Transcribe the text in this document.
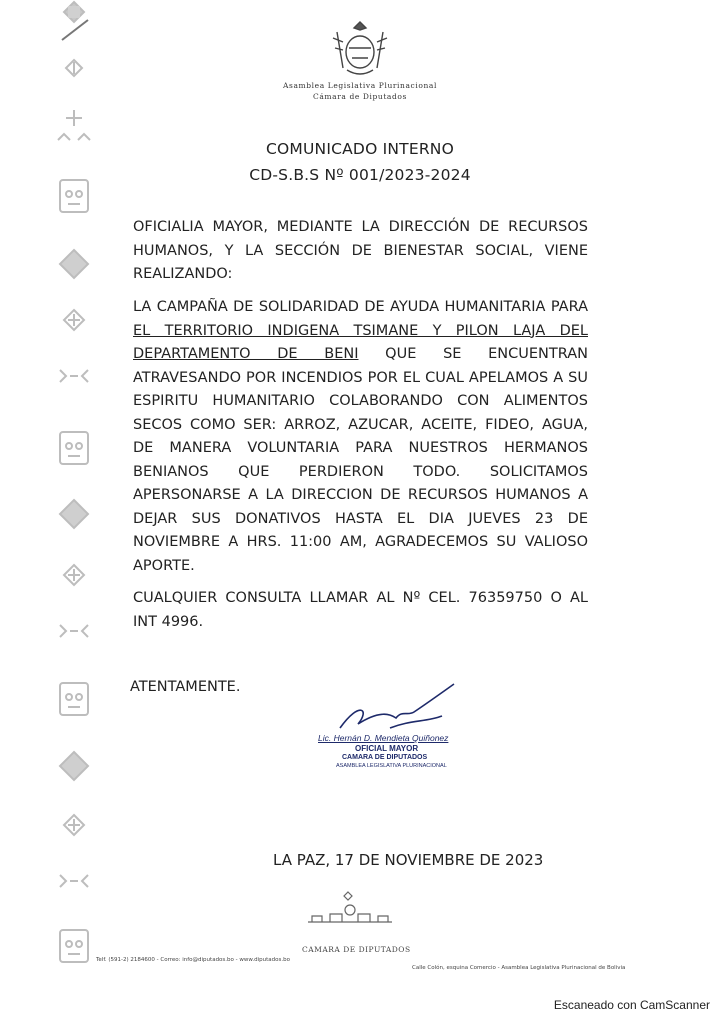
Asamblea Legislativa Plurinacional
Cámara de Diputados
COMUNICADO INTERNO
CD-S.B.S Nº 001/2023-2024
OFICIALIA MAYOR, MEDIANTE LA DIRECCIÓN DE RECURSOS HUMANOS, Y LA SECCIÓN DE BIENESTAR SOCIAL, VIENE REALIZANDO:
LA CAMPAÑA DE SOLIDARIDAD DE AYUDA HUMANITARIA PARA EL TERRITORIO INDIGENA TSIMANE Y PILON LAJA DEL DEPARTAMENTO DE BENI QUE SE ENCUENTRAN ATRAVESANDO POR INCENDIOS POR EL CUAL APELAMOS A SU ESPIRITU HUMANITARIO COLABORANDO CON ALIMENTOS SECOS COMO SER: ARROZ, AZUCAR, ACEITE, FIDEO, AGUA, DE MANERA VOLUNTARIA PARA NUESTROS HERMANOS BENIANOS QUE PERDIERON TODO. SOLICITAMOS APERSONARSE A LA DIRECCION DE RECURSOS HUMANOS A DEJAR SUS DONATIVOS HASTA EL DIA JUEVES 23 DE NOVIEMBRE A HRS. 11:00 AM, AGRADECEMOS SU VALIOSO APORTE.
CUALQUIER CONSULTA LLAMAR AL Nº CEL. 76359750 O AL INT 4996.
ATENTAMENTE.
Lic. Hernán D. Mendieta Quiñonez
OFICIAL MAYOR
CAMARA DE DIPUTADOS
ASAMBLEA LEGISLATIVA PLURINACIONAL
LA PAZ, 17 DE NOVIEMBRE DE 2023
CAMARA DE DIPUTADOS
Telf. (591-2) 2184600 - Correo: info@diputados.bo - www.diputados.bo
Calle Colón, esquina Comercio - Asamblea Legislativa Plurinacional de Bolivia
Escaneado con CamScanner
